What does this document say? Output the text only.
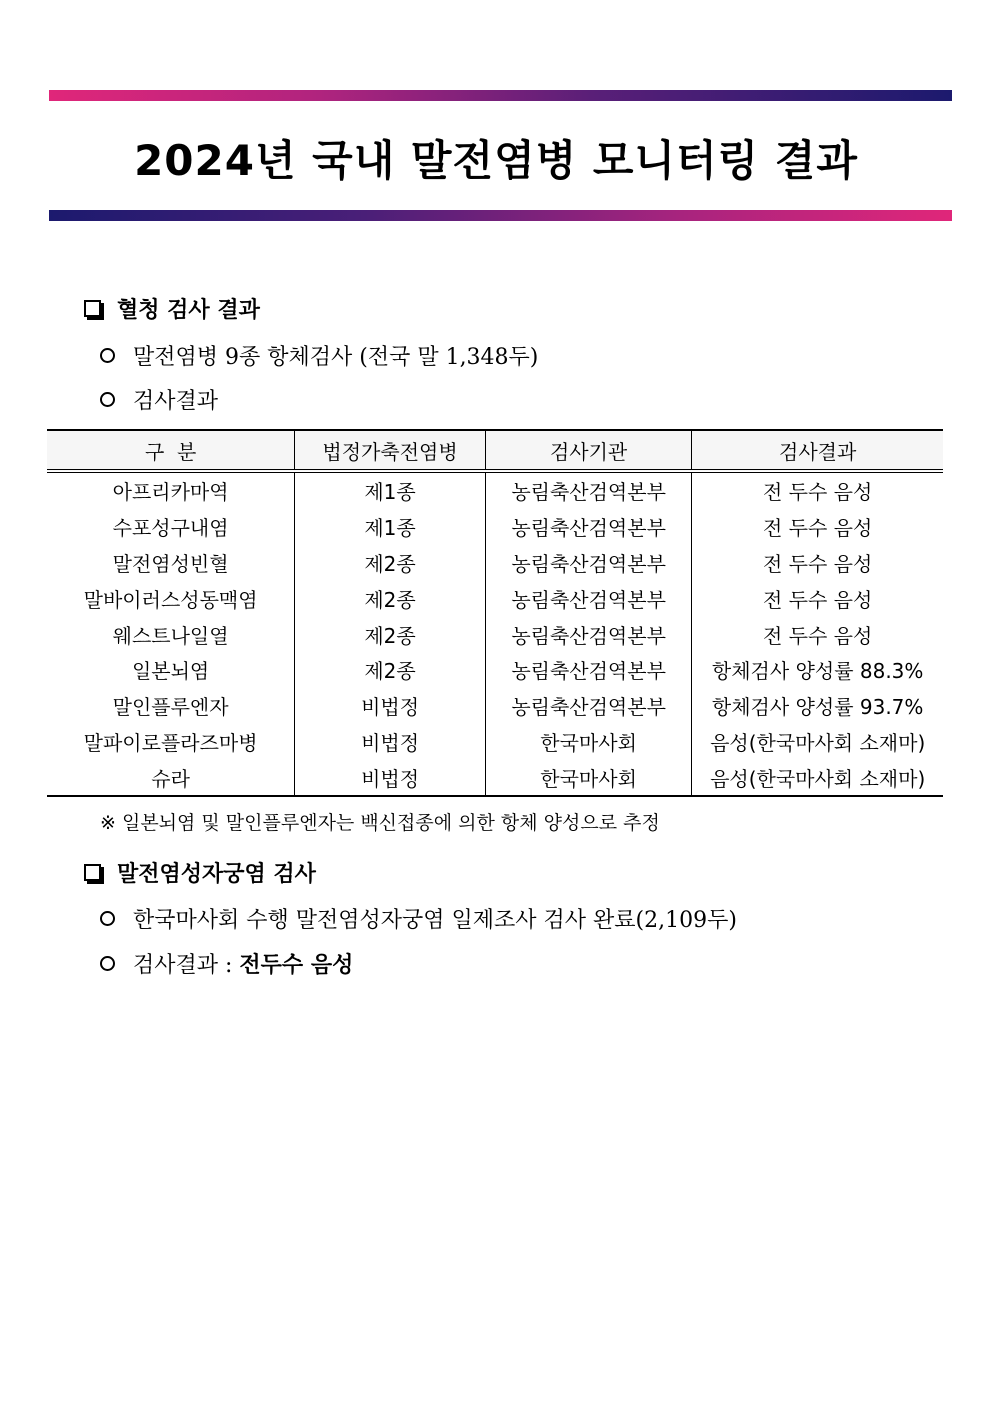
2024년 국내 말전염병 모니터링 결과
혈청 검사 결과
말전염병 9종 항체검사 (전국 말 1,348두)
검사결과
구  분	법정가축전염병	검사기관	검사결과
아프리카마역	제1종	농림축산검역본부	전 두수 음성
수포성구내염	제1종	농림축산검역본부	전 두수 음성
말전염성빈혈	제2종	농림축산검역본부	전 두수 음성
말바이러스성동맥염	제2종	농림축산검역본부	전 두수 음성
웨스트나일열	제2종	농림축산검역본부	전 두수 음성
일본뇌염	제2종	농림축산검역본부	항체검사 양성률 88.3%
말인플루엔자	비법정	농림축산검역본부	항체검사 양성률 93.7%
말파이로플라즈마병	비법정	한국마사회	음성(한국마사회 소재마)
슈라	비법정	한국마사회	음성(한국마사회 소재마)
※ 일본뇌염 및 말인플루엔자는 백신접종에 의한 항체 양성으로 추정
말전염성자궁염 검사
한국마사회 수행 말전염성자궁염 일제조사 검사 완료(2,109두)
검사결과 : 전두수 음성
